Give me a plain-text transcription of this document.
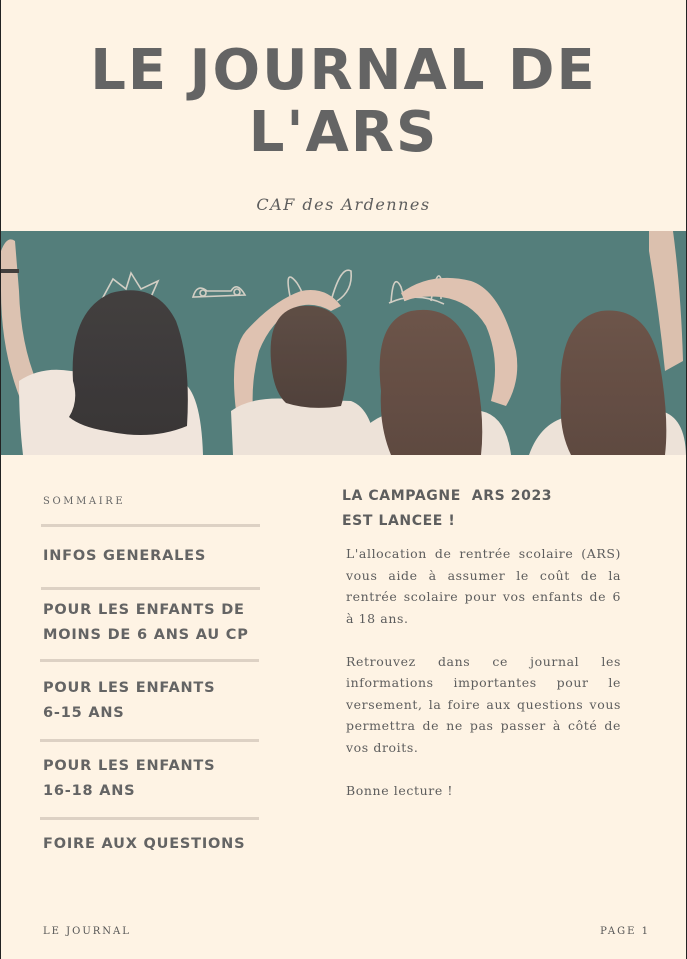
LE JOURNAL DE
L'ARS
CAF des Ardennes
SOMMAIRE
INFOS GENERALES
POUR LES ENFANTS DE
MOINS DE 6 ANS AU CP
POUR LES ENFANTS
6-15 ANS
POUR LES ENFANTS
16-18 ANS
FOIRE AUX QUESTIONS
LA CAMPAGNE  ARS 2023
EST LANCEE !

L'allocation de rentrée scolaire (ARS) vous aide à assumer le coût de la rentrée scolaire pour vos enfants de 6 à 18 ans.

Retrouvez dans ce journal les informations importantes pour le versement, la foire aux questions vous permettra de ne pas passer à côté de vos droits.

Bonne lecture !

LE JOURNAL	PAGE 1
